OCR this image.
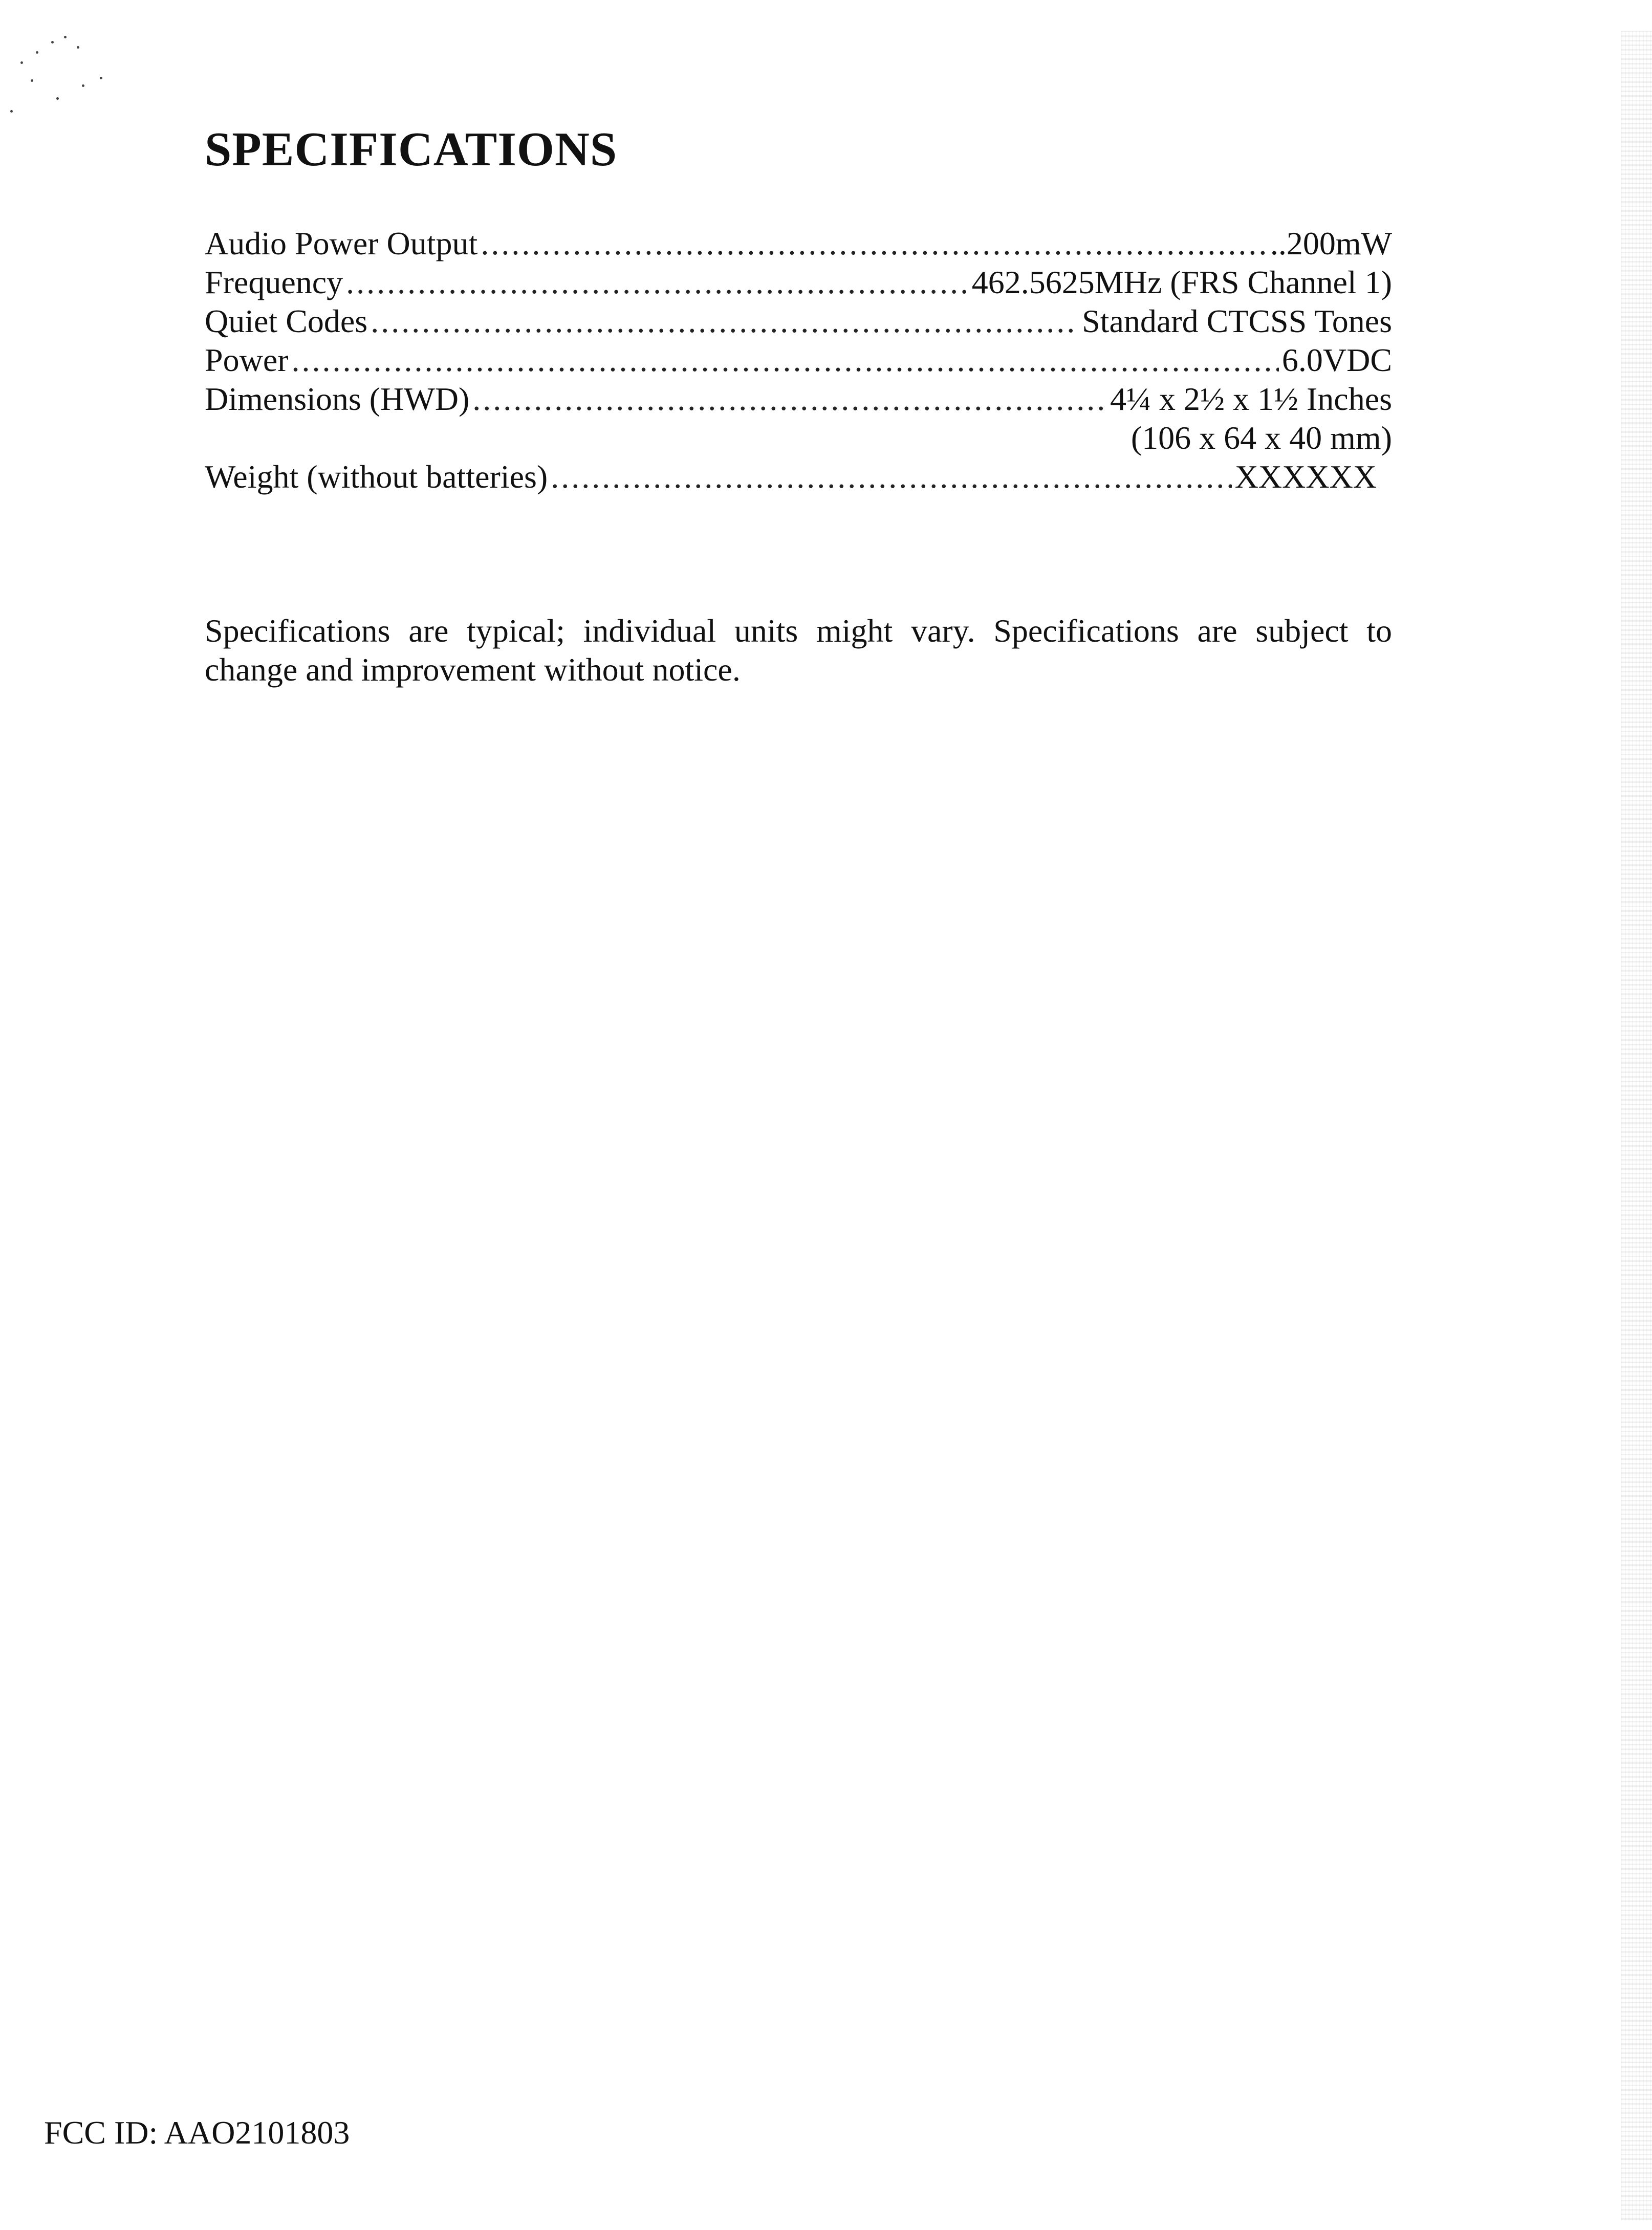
SPECIFICATIONS
Audio Power Output .....	..200mW
Frequency .....	462.5625MHz (FRS Channel 1)
Quiet Codes .....	Standard CTCSS Tones
Power .....	6.0VDC
Dimensions (HWD) .....	4¼ x 2½ x 1½ Inches
(106 x 64 x 40 mm)
Weight (without batteries) .....	XXXXXX

Specifications are typical; individual units might vary. Specifications are subject to change and improvement without notice.

FCC ID: AAO2101803
